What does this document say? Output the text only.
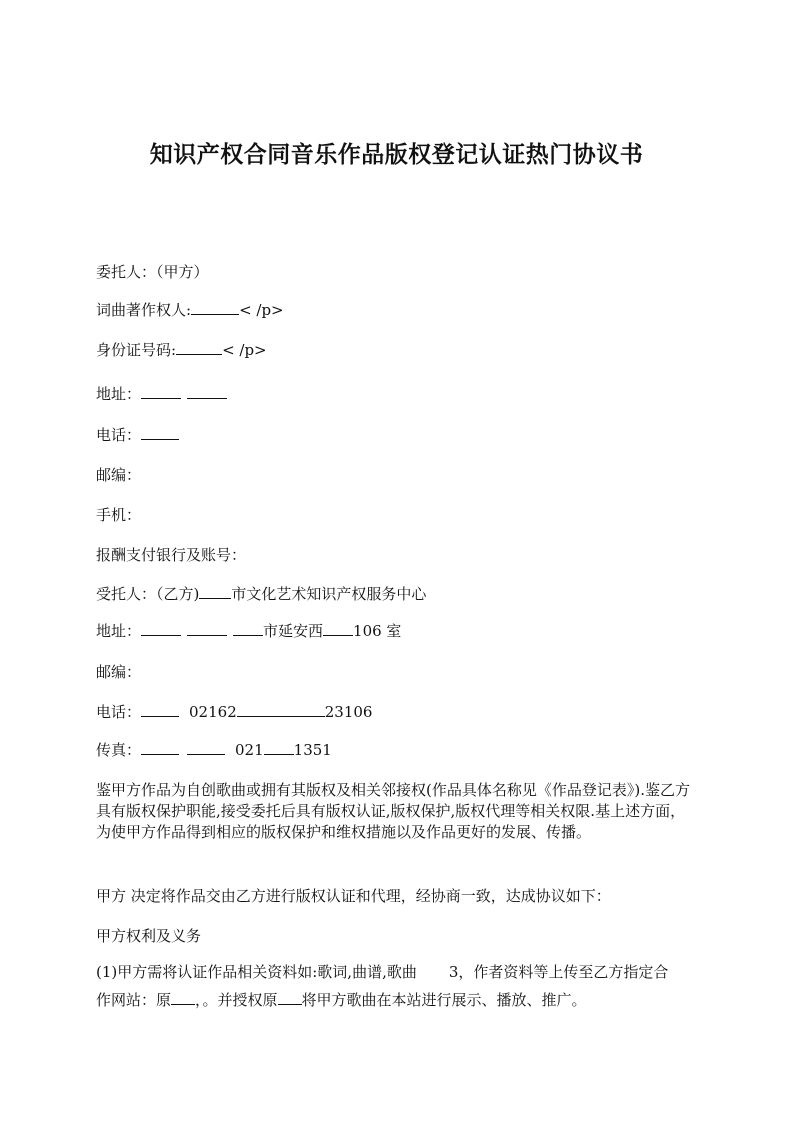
知识产权合同音乐作品版权登记认证热门协议书
委托人：（甲方）
词曲著作权人:	< /p>
身份证号码:	< /p>
地址：
电话：
邮编：
手机：
报酬支付银行及账号：
受托人：（乙方) 市文化艺术知识产权服务中心
地址：	市延安西 106 室
邮编：
电话：	02162	23106
传真：	021 1351
鉴甲方作品为自创歌曲或拥有其版权及相关邻接权(作品具体名称见《作品登记表》).鉴乙方具有版权保护职能,接受委托后具有版权认证,版权保护,版权代理等相关权限.基上述方面，为使甲方作品得到相应的版权保护和维权措施以及作品更好的发展、传播。
甲方 决定将作品交由乙方进行版权认证和代理，经协商一致，达成协议如下：
甲方权利及义务
(1)甲方需将认证作品相关资料如:歌词,曲谱,歌曲 3，作者资料等上传至乙方指定合
作网站：原 ，。并授权原 将甲方歌曲在本站进行展示、播放、推广。
